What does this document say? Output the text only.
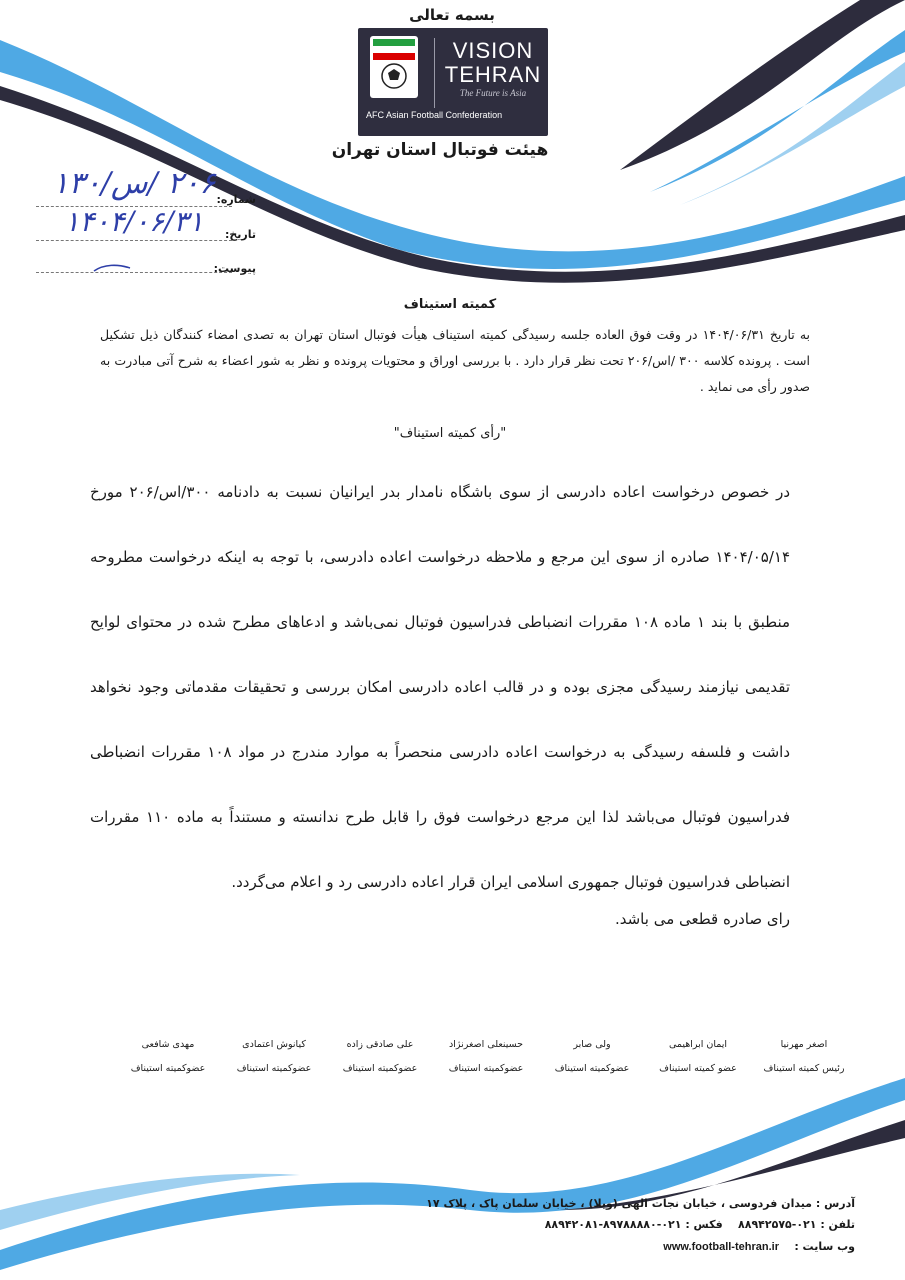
بسمه تعالی
VISION
TEHRAN
The Future is Asia
AFC Asian Football Confederation
هیئت فوتبال استان تهران
شماره:
۲۰۶ /س/۱۳۰
تاریخ:
۱۴۰۴/۰۶/۳۱
پیوست:
کمیته استیناف
به تاریخ ۱۴۰۴/۰۶/۳۱ در وقت فوق العاده جلسه رسیدگی کمیته استیناف هیأت فوتبال استان تهران به تصدی امضاء کنندگان ذیل تشکیل است . پرونده کلاسه ۳۰۰ /اس/۲۰۶ تحت نظر قرار دارد . با بررسی اوراق و محتویات پرونده و نظر به شور اعضاء به شرح آتی مبادرت به صدور رأی می نماید .
"رأی کمیته استیناف"
در خصوص درخواست اعاده دادرسی از سوی باشگاه نامدار بدر ایرانیان نسبت به دادنامه ۳۰۰/اس/۲۰۶ مورخ ۱۴۰۴/۰۵/۱۴ صادره از سوی این مرجع و ملاحظه درخواست اعاده دادرسی، با توجه به اینکه درخواست مطروحه منطبق با بند ۱ ماده ۱۰۸ مقررات انضباطی فدراسیون فوتبال نمی‌باشد و ادعاهای مطرح شده در محتوای لوایح تقدیمی نیازمند رسیدگی مجزی بوده و در قالب اعاده دادرسی امکان بررسی و تحقیقات مقدماتی وجود نخواهد داشت و فلسفه رسیدگی به درخواست اعاده دادرسی منحصراً به موارد مندرج در مواد ۱۰۸ مقررات انضباطی فدراسیون فوتبال می‌باشد لذا این مرجع درخواست فوق را قابل طرح ندانسته و مستنداً به ماده ۱۱۰ مقررات انضباطی فدراسیون فوتبال جمهوری اسلامی ایران قرار اعاده دادرسی رد و اعلام می‌گردد.
رای صادره قطعی می باشد.
اصغر مهرنیا
رئیس کمیته استیناف
ایمان ابراهیمی
عضو کمیته استیناف
ولی صابر
عضوکمیته استیناف
حسینعلی اصغرنژاد
عضوکمیته استیناف
علی صادقی زاده
عضوکمیته استیناف
کیانوش اعتمادی
عضوکمیته استیناف
مهدی شافعی
عضوکمیته استیناف
آدرس : میدان فردوسی ، خیابان نجات الهی (ویلا) ، خیابان سلمان پاک ، پلاک ۱۷
تلفن : ۰۲۱-۸۸۹۴۲۵۷۵    فکس : ۰۲۱-۸۹۷۸۸۸۸۰-۸۸۹۴۲۰۸۱
وب سایت :    www.football-tehran.ir
